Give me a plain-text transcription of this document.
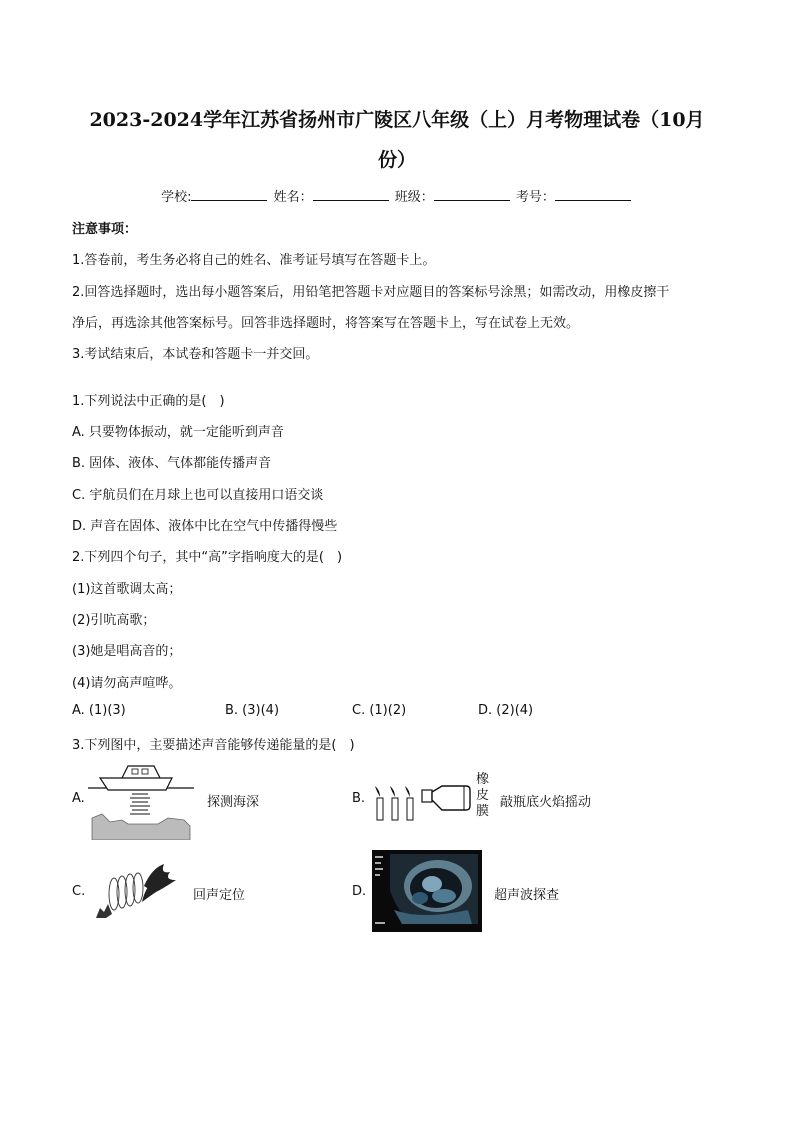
2023-2024学年江苏省扬州市广陵区八年级（上）月考物理试卷（10月
份）
学校:	姓名：	班级：	考号：
注意事项：
1.答卷前，考生务必将自己的姓名、准考证号填写在答题卡上。
2.回答选择题时，选出每小题答案后，用铅笔把答题卡对应题目的答案标号涂黑；如需改动，用橡皮擦干
净后，再选涂其他答案标号。回答非选择题时，将答案写在答题卡上，写在试卷上无效。
3.考试结束后，本试卷和答题卡一并交回。
1.下列说法中正确的是(　)
A. 只要物体振动，就一定能听到声音
B. 固体、液体、气体都能传播声音
C. 宇航员们在月球上也可以直接用口语交谈
D. 声音在固体、液体中比在空气中传播得慢些
2.下列四个句子，其中“高”字指响度大的是(　)
(1)这首歌调太高；
(2)引吭高歌；
(3)她是唱高音的；
(4)请勿高声喧哗。
A. (1)(3)	B. (3)(4)	C. (1)(2)	D. (2)(4)
3.下列图中，主要描述声音能够传递能量的是(　)
A.	探测海深	B.
橡
皮
膜
敲瓶底火焰摇动
C.	回声定位	D.	超声波探查
